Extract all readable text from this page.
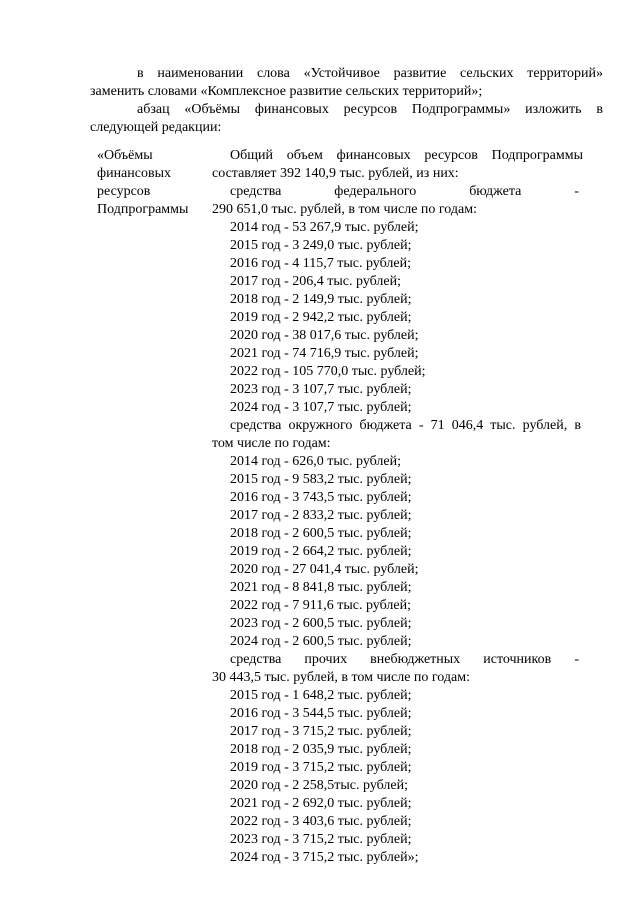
в наименовании слова «Устойчивое развитие сельских территорий»
заменить словами «Комплексное развитие сельских территорий»;
абзац «Объёмы финансовых ресурсов Подпрограммы» изложить в
следующей редакции:
«Объёмы
финансовых
ресурсов
Подпрограммы
Общий объем финансовых ресурсов Подпрограммы
составляет 392 140,9 тыс. рублей, из них:
средства	федерального	бюджета	-
290 651,0 тыс. рублей, в том числе по годам:
2014 год - 53 267,9 тыс. рублей;
2015 год - 3 249,0 тыс. рублей;
2016 год - 4 115,7 тыс. рублей;
2017 год - 206,4 тыс. рублей;
2018 год - 2 149,9 тыс. рублей;
2019 год - 2 942,2 тыс. рублей;
2020 год - 38 017,6 тыс. рублей;
2021 год - 74 716,9 тыс. рублей;
2022 год - 105 770,0 тыс. рублей;
2023 год - 3 107,7 тыс. рублей;
2024 год - 3 107,7 тыс. рублей;
средства окружного бюджета - 71 046,4 тыс. рублей, в
том числе по годам:
2014 год - 626,0 тыс. рублей;
2015 год - 9 583,2 тыс. рублей;
2016 год - 3 743,5 тыс. рублей;
2017 год - 2 833,2 тыс. рублей;
2018 год - 2 600,5 тыс. рублей;
2019 год - 2 664,2 тыс. рублей;
2020 год - 27 041,4 тыс. рублей;
2021 год - 8 841,8 тыс. рублей;
2022 год - 7 911,6 тыс. рублей;
2023 год - 2 600,5 тыс. рублей;
2024 год - 2 600,5 тыс. рублей;
средства прочих внебюджетных источников -
30 443,5 тыс. рублей, в том числе по годам:
2015 год - 1 648,2 тыс. рублей;
2016 год - 3 544,5 тыс. рублей;
2017 год - 3 715,2 тыс. рублей;
2018 год - 2 035,9 тыс. рублей;
2019 год - 3 715,2 тыс. рублей;
2020 год - 2 258,5тыс. рублей;
2021 год - 2 692,0 тыс. рублей;
2022 год - 3 403,6 тыс. рублей;
2023 год - 3 715,2 тыс. рублей;
2024 год - 3 715,2 тыс. рублей»;
